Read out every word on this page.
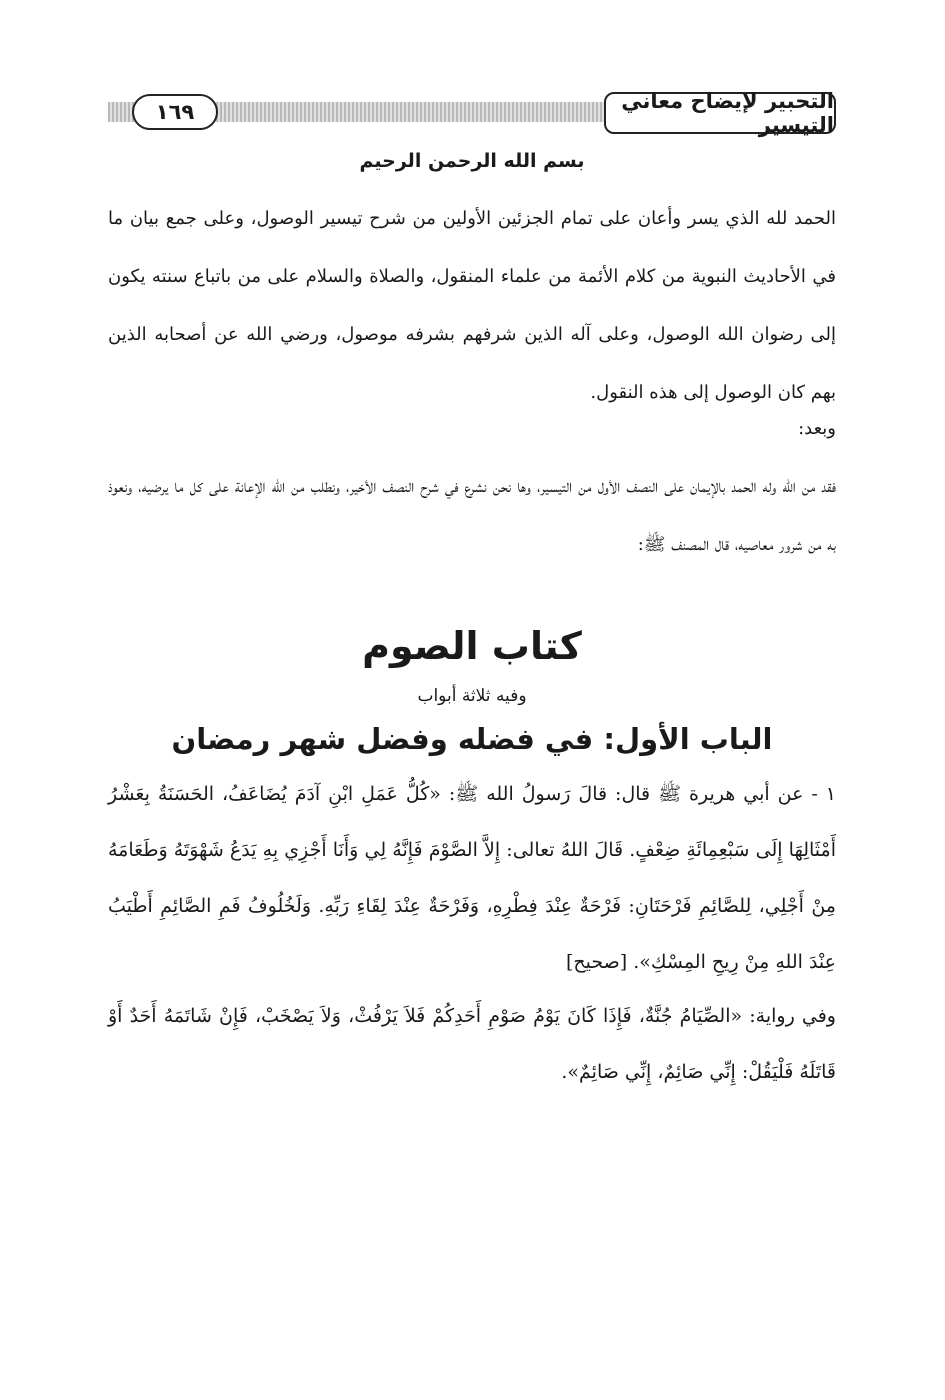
التحبير لإيضاح معاني التيسير
١٦٩
بسم الله الرحمن الرحيم
الحمد لله الذي يسر وأعان على تمام الجزئين الأولين من شرح تيسير الوصول، وعلى جمع بيان ما في الأحاديث النبوية من كلام الأئمة من علماء المنقول، والصلاة والسلام على من باتباع سنته يكون إلى رضوان الله الوصول، وعلى آله الذين شرفهم بشرفه موصول، ورضي الله عن أصحابه الذين بهم كان الوصول إلى هذه النقول.
وبعد:
فقد من الله وله الحمد بالإيمان على النصف الأول من التيسير، وها نحن نشرع في شرح النصف الأخير، ونطلب من الله الإعانة على كل ما يرضيه، ونعوذ به من شرور معاصيه، قال المصنف ﷺ:
كتاب الصوم
وفيه ثلاثة أبواب
الباب الأول: في فضله وفضل شهر رمضان
١ - عن أبي هريرة ﷺ قال: قالَ رَسولُ الله ﷺ: «كُلُّ عَمَلِ ابْنِ آدَمَ يُضَاعَفُ، الحَسَنَةُ بِعَشْرُ أَمْثَالِهَا إِلَى سَبْعِمِائَةِ ضِعْفٍ. قَالَ اللهُ تعالى: إِلاَّ الصَّوْمَ فَإِنَّهُ لِي وَأَنَا أَجْزِي بِهِ يَدَعُ شَهْوَتَهُ وَطَعَامَهُ مِنْ أَجْلِي، لِلصَّائِمِ فَرْحَتَانِ: فَرْحَةٌ عِنْدَ فِطْرِهِ، وَفَرْحَةٌ عِنْدَ لِقَاءِ رَبِّهِ. وَلَخُلُوفُ فَمِ الصَّائِمِ أَطْيَبُ عِنْدَ اللهِ مِنْ رِيحِ المِسْكِ». [صحيح]
وفي رواية: «الصِّيَامُ جُنَّةٌ، فَإِذَا كَانَ يَوْمُ صَوْمِ أَحَدِكُمْ فَلاَ يَرْفُثْ، وَلاَ يَصْخَبْ، فَإِنْ شَاتَمَهُ أَحَدٌ أَوْ قَاتَلَهُ فَلْيَقُلْ: إِنِّي صَائِمٌ، إِنِّي صَائِمٌ».
